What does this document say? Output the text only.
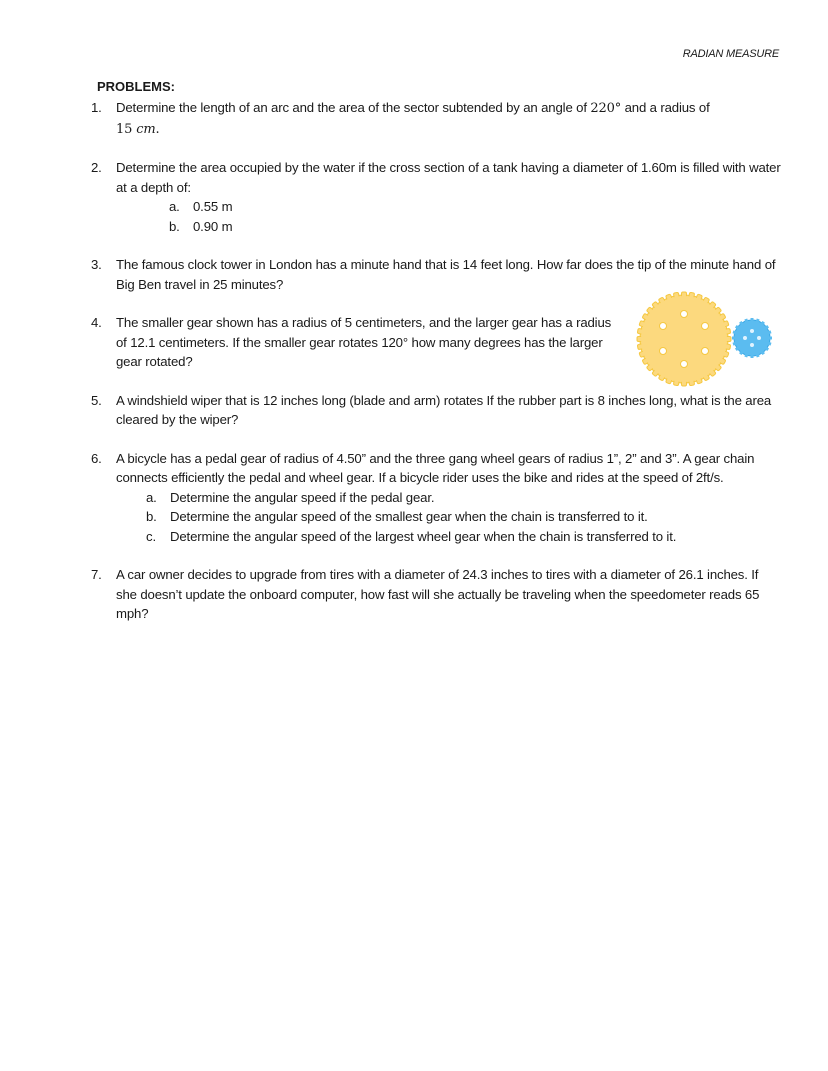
RADIAN MEASURE
PROBLEMS:
1. Determine the length of an arc and the area of the sector subtended by an angle of 220° and a radius of
15 cm.
2. Determine the area occupied by the water if the cross section of a tank having a diameter of 1.60m is filled with water at a depth of:
a. 0.55 m
b. 0.90 m
3. The famous clock tower in London has a minute hand that is 14 feet long. How far does the tip of the minute hand of Big Ben travel in 25 minutes?
4. The smaller gear shown has a radius of 5 centimeters, and the larger gear has a radius of 12.1 centimeters. If the smaller gear rotates 120° how many degrees has the larger gear rotated?
5. A windshield wiper that is 12 inches long (blade and arm) rotates If the rubber part is 8 inches long, what is the area cleared by the wiper?
6. A bicycle has a pedal gear of radius of 4.50” and the three gang wheel gears of radius 1”, 2” and 3”. A gear chain connects efficiently the pedal and wheel gear. If a bicycle rider uses the bike and rides at the speed of 2ft/s.
a. Determine the angular speed if the pedal gear.
b. Determine the angular speed of the smallest gear when the chain is transferred to it.
c. Determine the angular speed of the largest wheel gear when the chain is transferred to it.
7. A car owner decides to upgrade from tires with a diameter of 24.3 inches to tires with a diameter of 26.1 inches. If she doesn’t update the onboard computer, how fast will she actually be traveling when the speedometer reads 65 mph?
